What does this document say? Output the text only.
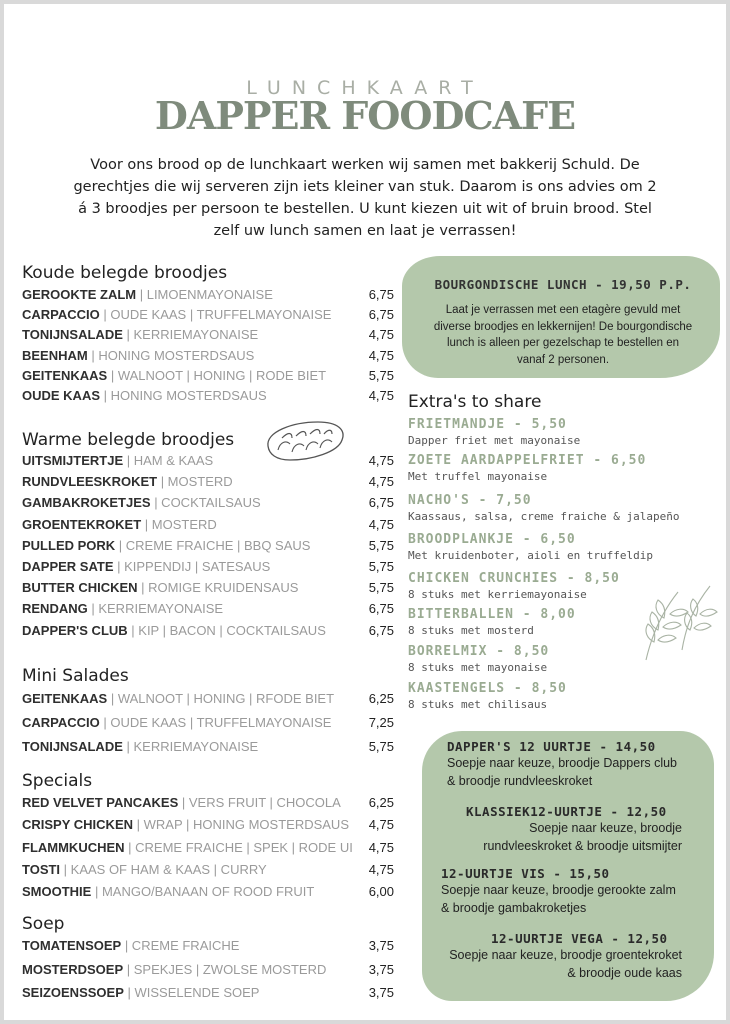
LUNCHKAART
DAPPER FOODCAFE
Voor ons brood op de lunchkaart werken wij samen met bakkerij Schuld. De gerechtjes die wij serveren zijn iets kleiner van stuk. Daarom is ons advies om 2 á 3 broodjes per persoon te bestellen. U kunt kiezen uit wit of bruin brood. Stel zelf uw lunch samen en laat je verrassen!
Koude belegde broodjes
GEROOKTE ZALM | LIMOENMAYONAISE	6,75
CARPACCIO | OUDE KAAS | TRUFFELMAYONAISE	6,75
TONIJNSALADE | KERRIEMAYONAISE	4,75
BEENHAM | HONING MOSTERDSAUS	4,75
GEITENKAAS | WALNOOT | HONING | RODE BIET	5,75
OUDE KAAS | HONING MOSTERDSAUS	4,75
Warme belegde broodjes
UITSMIJTERTJE | HAM & KAAS	4,75
RUNDVLEESKROKET | MOSTERD	4,75
GAMBAKROKETJES | COCKTAILSAUS	6,75
GROENTEKROKET | MOSTERD	4,75
PULLED PORK | CREME FRAICHE | BBQ SAUS	5,75
DAPPER SATE | KIPPENDIJ | SATESAUS	5,75
BUTTER CHICKEN | ROMIGE KRUIDENSAUS	5,75
RENDANG | KERRIEMAYONAISE	6,75
DAPPER'S CLUB | KIP | BACON | COCKTAILSAUS	6,75
Mini Salades
GEITENKAAS | WALNOOT | HONING | RFODE BIET	6,25
CARPACCIO | OUDE KAAS | TRUFFELMAYONAISE	7,25
TONIJNSALADE | KERRIEMAYONAISE	5,75
Specials
RED VELVET PANCAKES | VERS FRUIT | CHOCOLA 6,25
CRISPY CHICKEN | WRAP | HONING MOSTERDSAUS 4,75
FLAMMKUCHEN | CREME FRAICHE | SPEK | RODE UI 4,75
TOSTI | KAAS OF HAM & KAAS | CURRY	4,75
SMOOTHIE | MANGO/BANAAN OF ROOD FRUIT	6,00
Soep
TOMATENSOEP | CREME FRAICHE	3,75
MOSTERDSOEP | SPEKJES | ZWOLSE MOSTERD	3,75
SEIZOENSSOEP | WISSELENDE SOEP	3,75
BOURGONDISCHE LUNCH - 19,50 P.P.
Laat je verrassen met een etagère gevuld met diverse broodjes en lekkernijen! De bourgondische lunch is alleen per gezelschap te bestellen en vanaf 2 personen.
Extra's to share
FRIETMANDJE - 5,50
Dapper friet met mayonaise
ZOETE AARDAPPELFRIET - 6,50
Met truffel mayonaise
NACHO'S - 7,50
Kaassaus, salsa, creme fraiche & jalapeño
BROODPLANKJE - 6,50
Met kruidenboter, aioli en truffeldip
CHICKEN CRUNCHIES - 8,50
8 stuks met kerriemayonaise
BITTERBALLEN - 8,00
8 stuks met mosterd
BORRELMIX - 8,50
8 stuks met mayonaise
KAASTENGELS - 8,50
8 stuks met chilisaus
DAPPER'S 12 UURTJE - 14,50
Soepje naar keuze, broodje Dappers club & broodje rundvleeskroket
KLASSIEK12-UURTJE - 12,50
Soepje naar keuze, broodje rundvleeskroket & broodje uitsmijter
12-UURTJE VIS - 15,50
Soepje naar keuze, broodje gerookte zalm & broodje gambakroketjes
12-UURTJE VEGA - 12,50
Soepje naar keuze, broodje groentekroket & broodje oude kaas
